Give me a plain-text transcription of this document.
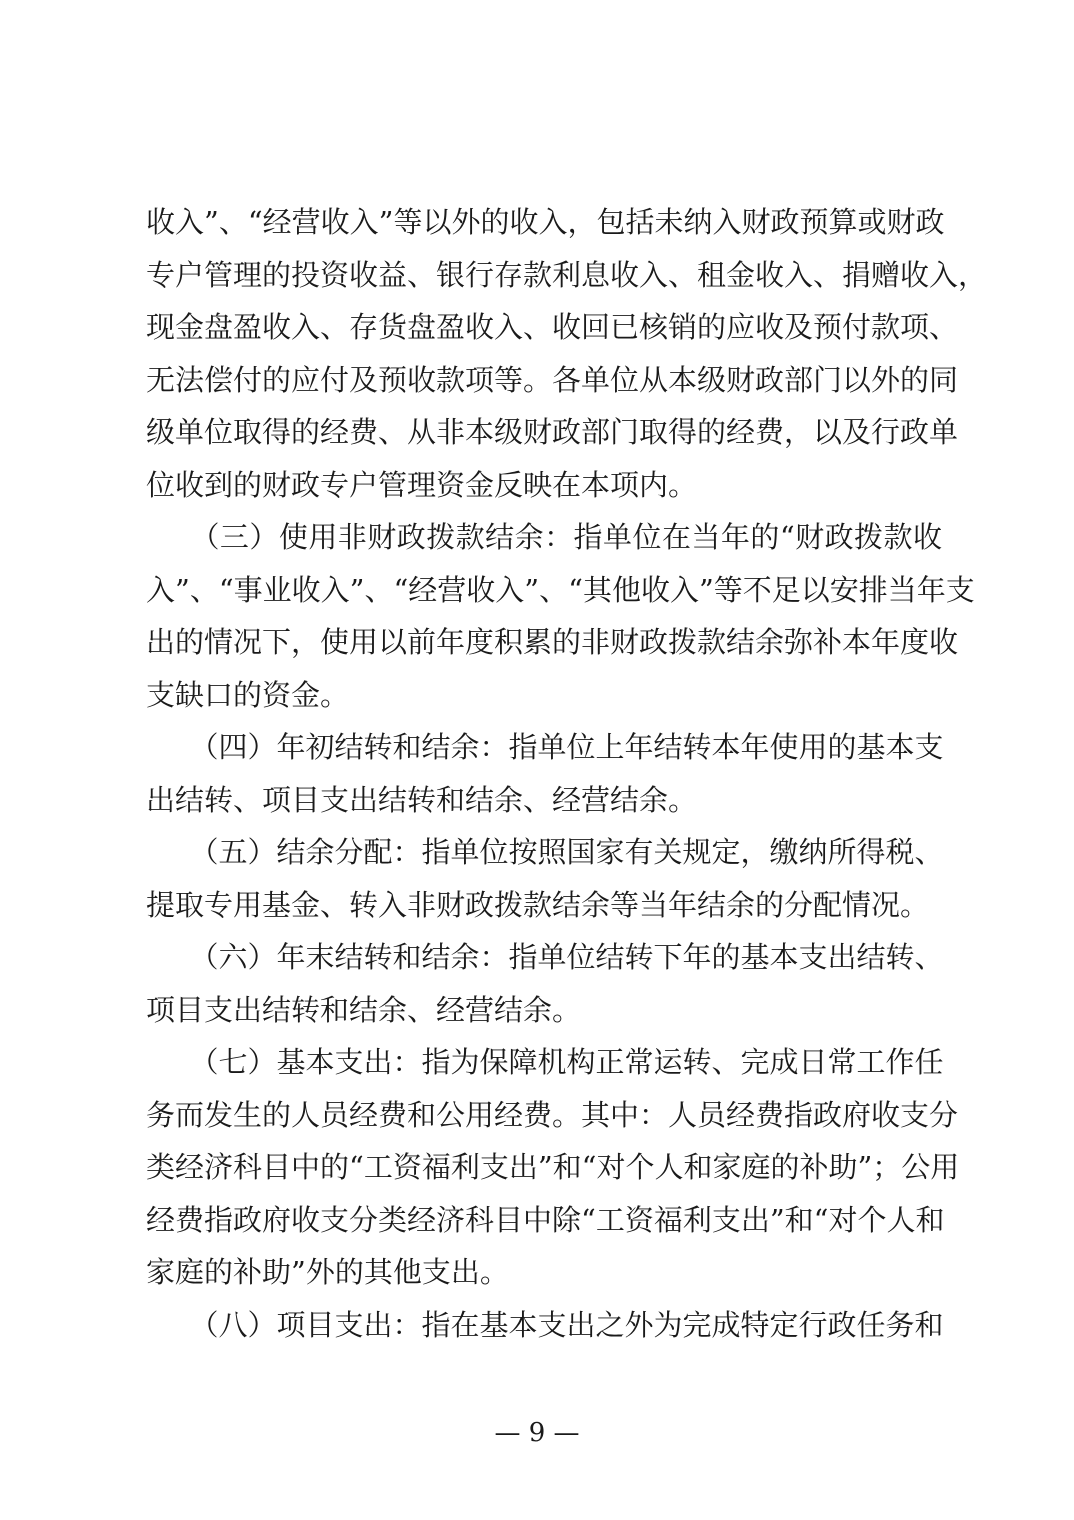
收入”、“经营收入”等以外的收入，包括未纳入财政预算或财政
专户管理的投资收益、银行存款利息收入、租金收入、捐赠收入，
现金盘盈收入、存货盘盈收入、收回已核销的应收及预付款项、
无法偿付的应付及预收款项等。各单位从本级财政部门以外的同
级单位取得的经费、从非本级财政部门取得的经费，以及行政单
位收到的财政专户管理资金反映在本项内。
　　（三）使用非财政拨款结余：指单位在当年的“财政拨款收
入”、“事业收入”、“经营收入”、“其他收入”等不足以安排当年支
出的情况下，使用以前年度积累的非财政拨款结余弥补本年度收
支缺口的资金。
　　（四）年初结转和结余：指单位上年结转本年使用的基本支
出结转、项目支出结转和结余、经营结余。
　　（五）结余分配：指单位按照国家有关规定，缴纳所得税、
提取专用基金、转入非财政拨款结余等当年结余的分配情况。
　　（六）年末结转和结余：指单位结转下年的基本支出结转、
项目支出结转和结余、经营结余。
　　（七）基本支出：指为保障机构正常运转、完成日常工作任
务而发生的人员经费和公用经费。其中：人员经费指政府收支分
类经济科目中的“工资福利支出”和“对个人和家庭的补助”；公用
经费指政府收支分类经济科目中除“工资福利支出”和“对个人和
家庭的补助”外的其他支出。
　　（八）项目支出：指在基本支出之外为完成特定行政任务和
— 9 —
